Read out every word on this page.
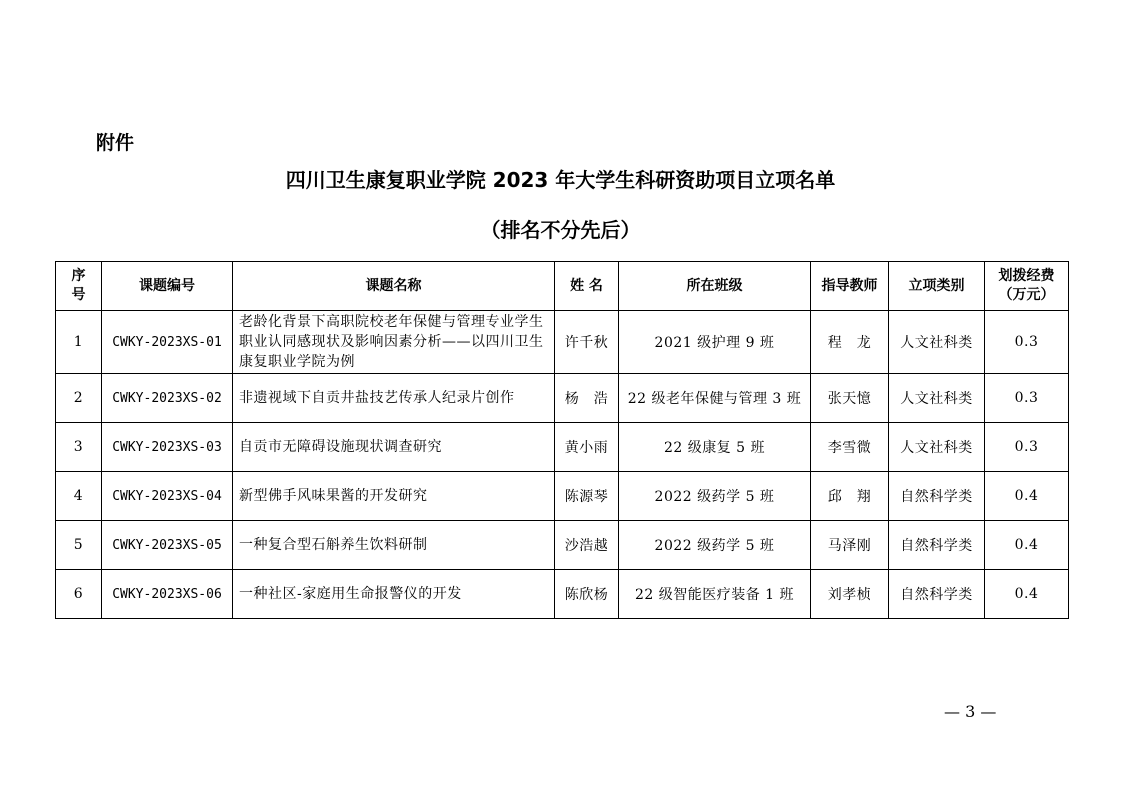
附件
四川卫生康复职业学院 2023 年大学生科研资助项目立项名单
（排名不分先后）
序号	课题编号	课题名称	姓 名	所在班级	指导教师	立项类别	划拨经费（万元）

1	CWKY-2023XS-01	老龄化背景下高职院校老年保健与管理专业学生职业认同感现状及影响因素分析——以四川卫生康复职业学院为例	许千秋	2021 级护理 9 班	程　龙	人文社科类	0.3
2	CWKY-2023XS-02	非遗视域下自贡井盐技艺传承人纪录片创作	杨　浩	22 级老年保健与管理 3 班	张天憶	人文社科类	0.3
3	CWKY-2023XS-03	自贡市无障碍设施现状调查研究	黄小雨	22 级康复 5 班	李雪微	人文社科类	0.3
4	CWKY-2023XS-04	新型佛手风味果酱的开发研究	陈源琴	2022 级药学 5 班	邱　翔	自然科学类	0.4
5	CWKY-2023XS-05	一种复合型石斛养生饮料研制	沙浩越	2022 级药学 5 班	马泽刚	自然科学类	0.4
6	CWKY-2023XS-06	一种社区-家庭用生命报警仪的开发	陈欣杨	22 级智能医疗装备 1 班	刘孝桢	自然科学类	0.4
— 3 —
